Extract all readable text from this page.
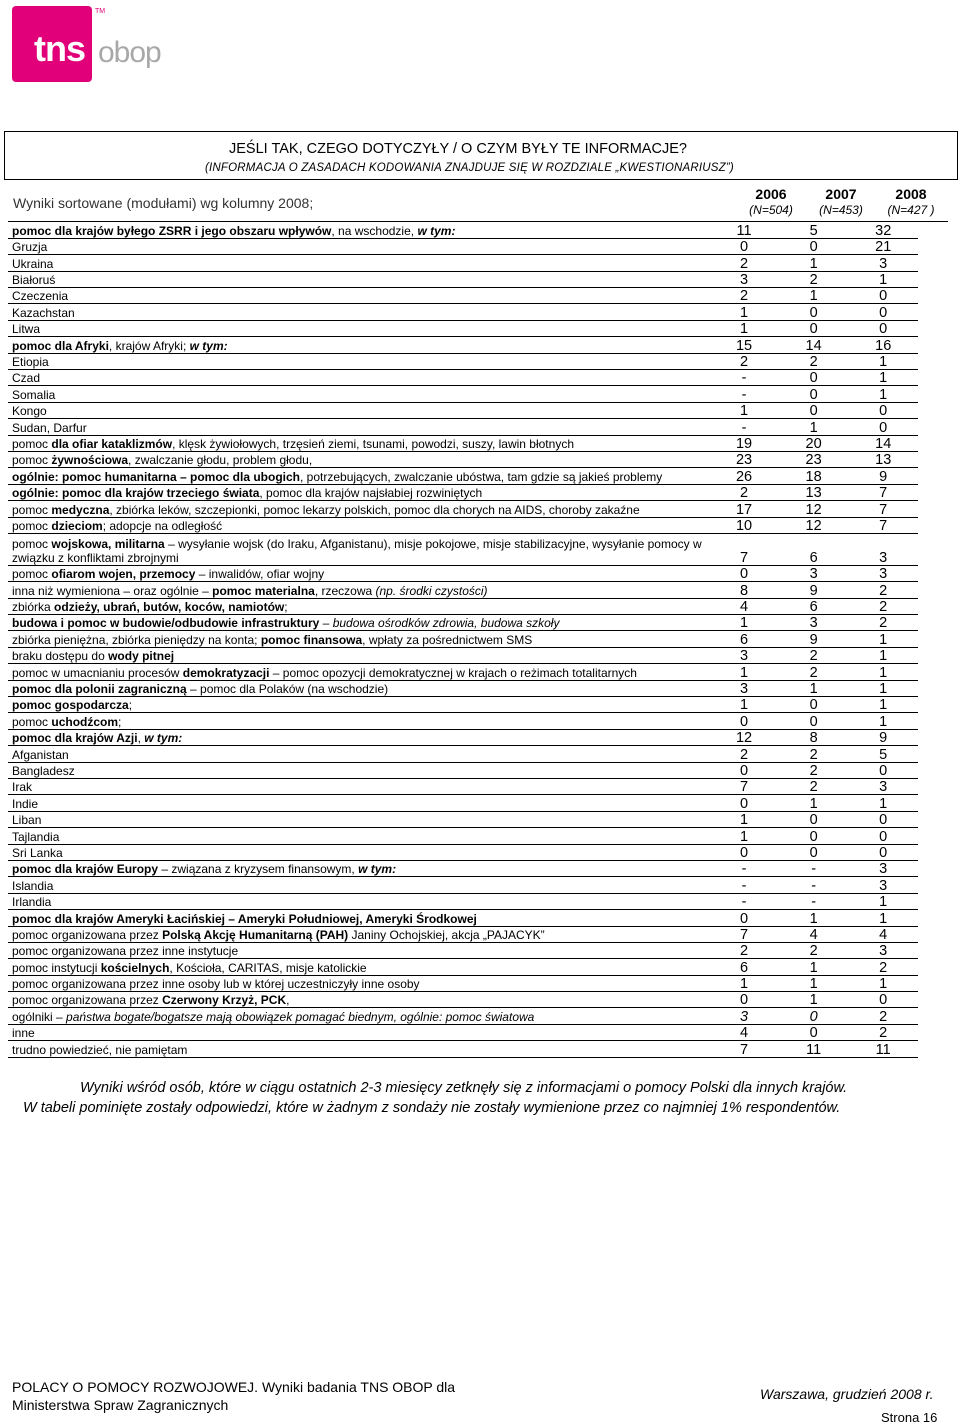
tns
TM
obop
JEŚLI TAK, CZEGO DOTYCZYŁY / O CZYM BYŁY TE INFORMACJE?
(INFORMACJA O ZASADACH KODOWANIA ZNAJDUJE SIĘ W ROZDZIALE „KWESTIONARIUSZ”)
Wyniki sortowane (modułami) wg kolumny 2008;
2006
(N=504)
2007
(N=453)
2008
(N=427 )
pomoc dla krajów byłego ZSRR i jego obszaru wpływów, na wschodzie, w tym:	11	5	32
Gruzja	0	0	21
Ukraina	2	1	3
Białoruś	3	2	1
Czeczenia	2	1	0
Kazachstan	1	0	0
Litwa	1	0	0
pomoc dla Afryki, krajów Afryki; w tym:	15	14	16
Etiopia	2	2	1
Czad	-	0	1
Somalia	-	0	1
Kongo	1	0	0
Sudan, Darfur	-	1	0
pomoc dla ofiar kataklizmów, klęsk żywiołowych, trzęsień ziemi, tsunami, powodzi, suszy, lawin błotnych	19	20	14
pomoc żywnościowa, zwalczanie głodu, problem głodu,	23	23	13
ogólnie: pomoc humanitarna – pomoc dla ubogich, potrzebujących, zwalczanie ubóstwa, tam gdzie są jakieś problemy	26	18	9
ogólnie: pomoc dla krajów trzeciego świata, pomoc dla krajów najsłabiej rozwiniętych	2	13	7
pomoc medyczna, zbiórka leków, szczepionki, pomoc lekarzy polskich, pomoc dla chorych na AIDS, choroby zakaźne	17	12	7
pomoc dzieciom; adopcje na odległość	10	12	7
pomoc wojskowa, militarna – wysyłanie wojsk (do Iraku, Afganistanu), misje pokojowe, misje stabilizacyjne, wysyłanie pomocy w związku z konfliktami zbrojnymi	7	6	3
pomoc ofiarom wojen, przemocy – inwalidów, ofiar wojny	0	3	3
inna niż wymieniona – oraz ogólnie – pomoc materialna, rzeczowa (np. środki czystości)	8	9	2
zbiórka odzieży, ubrań, butów, koców, namiotów;	4	6	2
budowa i pomoc w budowie/odbudowie infrastruktury – budowa ośrodków zdrowia, budowa szkoły	1	3	2
zbiórka pieniężna, zbiórka pieniędzy na konta; pomoc finansowa, wpłaty za pośrednictwem SMS	6	9	1
braku dostępu do wody pitnej	3	2	1
pomoc w umacnianiu procesów demokratyzacji – pomoc opozycji demokratycznej w krajach o reżimach totalitarnych	1	2	1
pomoc dla polonii zagraniczną – pomoc dla Polaków (na wschodzie)	3	1	1
pomoc gospodarcza;	1	0	1
pomoc uchodźcom;	0	0	1
pomoc dla krajów Azji, w tym:	12	8	9
Afganistan	2	2	5
Bangladesz	0	2	0
Irak	7	2	3
Indie	0	1	1
Liban	1	0	0
Tajlandia	1	0	0
Sri Lanka	0	0	0
pomoc dla krajów Europy – związana z kryzysem finansowym, w tym:	-	-	3
Islandia	-	-	3
Irlandia	-	-	1
pomoc dla krajów Ameryki Łacińskiej – Ameryki Południowej, Ameryki Środkowej	0	1	1
pomoc organizowana przez Polską Akcję Humanitarną (PAH) Janiny Ochojskiej, akcja „PAJACYK”	7	4	4
pomoc organizowana przez inne instytucje	2	2	3
pomoc instytucji kościelnych, Kościoła, CARITAS, misje katolickie	6	1	2
pomoc organizowana przez inne osoby lub w której uczestniczyły inne osoby	1	1	1
pomoc organizowana przez Czerwony Krzyż, PCK,	0	1	0
ogólniki – państwa bogate/bogatsze mają obowiązek pomagać biednym, ogólnie: pomoc światowa	3	0	2
inne	4	0	2
trudno powiedzieć, nie pamiętam	7	11	11
Wyniki wśród osób, które w ciągu ostatnich 2-3 miesięcy zetknęły się z informacjami o pomocy Polski dla innych krajów.
W tabeli pominięte zostały odpowiedzi, które w żadnym z sondaży nie zostały wymienione przez co najmniej 1% respondentów.
POLACY O POMOCY ROZWOJOWEJ. Wyniki badania TNS OBOP dla
Ministerstwa Spraw Zagranicznych
Warszawa, grudzień 2008 r.
Strona 16
